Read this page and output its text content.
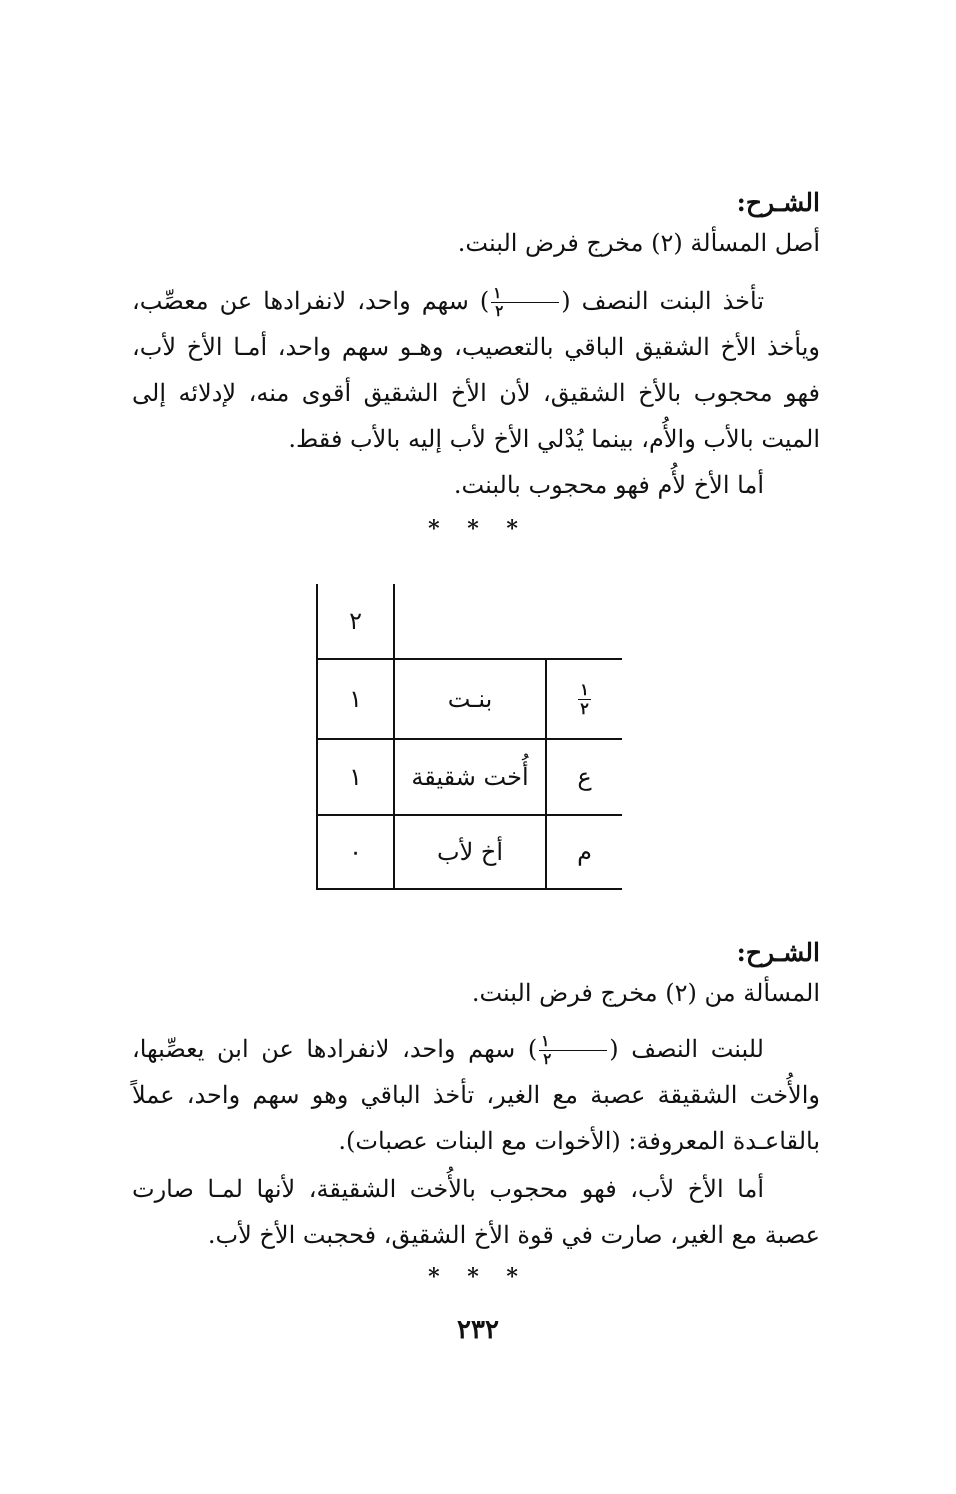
الشـرح:
أصل المسألة (٢) مخرج فرض البنت.
تأخذ البنت النصف (
$\frac{١}{٢}$
) سهم واحد، لانفرادها عن معصِّب، ويأخذ الأخ الشقيق الباقي بالتعصيب، وهـو سهم واحد، أمـا الأخ لأب، فهو محجوب بالأخ الشقيق، لأن الأخ الشقيق أقوى منه، لإدلائه إلى الميت بالأب والأُم، بينما يُدْلي الأخ لأب إليه بالأب فقط.
أما الأخ لأُم فهو محجوب بالبنت.
* * *
٢
$\frac{١}{٢}$
بنـت
١
ع
أُخت شقيقة
١
م
أخ لأب
٠
الشـرح:
المسألة من (٢) مخرج فرض البنت.
للبنت النصف (
$\frac{١}{٢}$
) سهم واحد، لانفرادها عن ابن يعصِّبها، والأُخت الشقيقة عصبة مع الغير، تأخذ الباقي وهو سهم واحد، عملاً بالقاعـدة المعروفة: (الأخوات مع البنات عصبات).
أما الأخ لأب، فهو محجوب بالأُخت الشقيقة، لأنها لمـا صارت عصبة مع الغير، صارت في قوة الأخ الشقيق، فحجبت الأخ لأب.
* * *
٢٣٢
